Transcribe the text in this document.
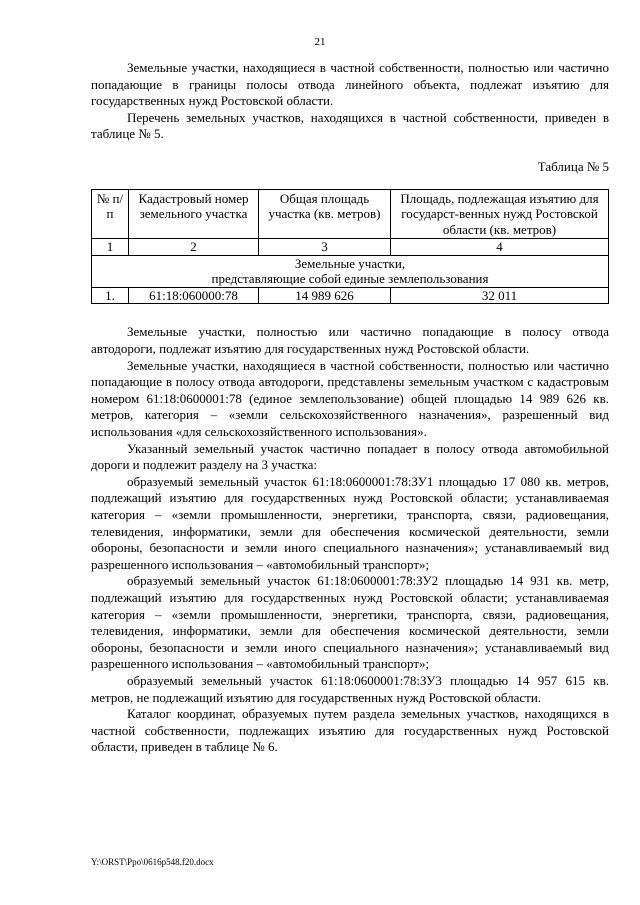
21

Земельные участки, находящиеся в частной собственности, полностью или частично попадающие в границы полосы отвода линейного объекта, подлежат изъятию для государственных нужд Ростовской области.

Перечень земельных участков, находящихся в частной собственности, приведен в таблице № 5.

Таблица № 5
№ п/п	Кадастровый номер земельного участка	Общая площадь участка (кв. метров)	Площадь, подлежащая изъятию для государст-венных нужд Ростовской области (кв. метров)
1	2	3	4
Земельные участки,
представляющие собой единые землепользования			
1.	61:18:060000:78	14 989 626	32 011

Земельные участки, полностью или частично попадающие в полосу отвода автодороги, подлежат изъятию для государственных нужд Ростовской области.

Земельные участки, находящиеся в частной собственности, полностью или частично попадающие в полосу отвода автодороги, представлены земельным участком с кадастровым номером 61:18:0600001:78 (единое землепользование) общей площадью 14 989 626 кв. метров, категория – «земли сельскохозяйственного назначения», разрешенный вид использования «для сельскохозяйственного использования».

Указанный земельный участок частично попадает в полосу отвода автомобильной дороги и подлежит разделу на 3 участка:

образуемый земельный участок 61:18:0600001:78:ЗУ1 площадью 17 080 кв. метров, подлежащий изъятию для государственных нужд Ростовской области; устанавливаемая категория – «земли промышленности, энергетики, транспорта, связи, радиовещания, телевидения, информатики, земли для обеспечения космической деятельности, земли обороны, безопасности и земли иного специального назначения»; устанавливаемый вид разрешенного использования – «автомобильный транспорт»;

образуемый земельный участок 61:18:0600001:78:ЗУ2 площадью 14 931 кв. метр, подлежащий изъятию для государственных нужд Ростовской области; устанавливаемая категория – «земли промышленности, энергетики, транспорта, связи, радиовещания, телевидения, информатики, земли для обеспечения космической деятельности, земли обороны, безопасности и земли иного специального назначения»; устанавливаемый вид разрешенного использования – «автомобильный транспорт»;

образуемый земельный участок 61:18:0600001:78:ЗУ3 площадью 14 957 615 кв. метров, не подлежащий изъятию для государственных нужд Ростовской области.

Каталог координат, образуемых путем раздела земельных участков, находящихся в частной собственности, подлежащих изъятию для государственных нужд Ростовской области, приведен в таблице № 6.

Y:\ORST\Ppo\0616p548.f20.docx
